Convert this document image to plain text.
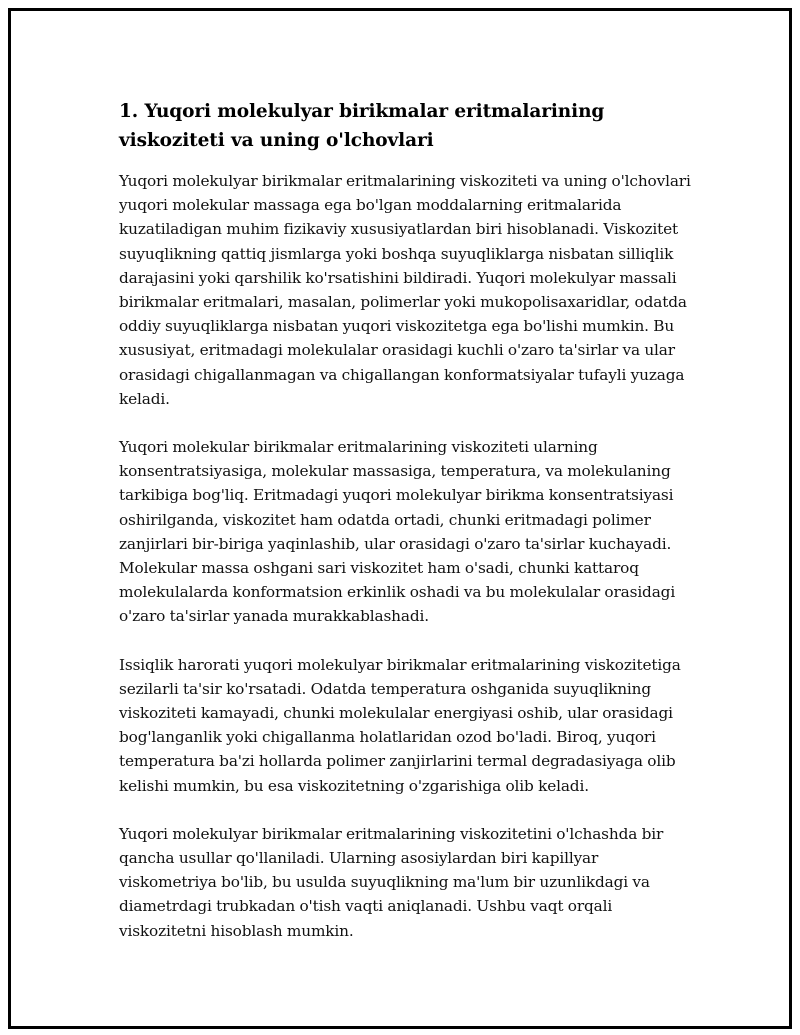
1. Yuqori molekulyar birikmalar eritmalarining viskoziteti va uning o'lchovlari

Yuqori molekulyar birikmalar eritmalarining viskoziteti va uning o'lchovlari yuqori molekular massaga ega bo'lgan moddalarning eritmalarida kuzatiladigan muhim fizikaviy xususiyatlardan biri hisoblanadi. Viskozitet suyuqlikning qattiq jismlarga yoki boshqa suyuqliklarga nisbatan silliqlik darajasini yoki qarshilik ko'rsatishini bildiradi. Yuqori molekulyar massali birikmalar eritmalari, masalan, polimerlar yoki mukopolisaxaridlar, odatda oddiy suyuqliklarga nisbatan yuqori viskozitetga ega bo'lishi mumkin. Bu xususiyat, eritmadagi molekulalar orasidagi kuchli o'zaro ta'sirlar va ular orasidagi chigallanmagan va chigallangan konformatsiyalar tufayli yuzaga keladi.

Yuqori molekular birikmalar eritmalarining viskoziteti ularning konsentratsiyasiga, molekular massasiga, temperatura, va molekulaning tarkibiga bog'liq. Eritmadagi yuqori molekulyar birikma konsentratsiyasi oshirilganda, viskozitet ham odatda ortadi, chunki eritmadagi polimer zanjirlari bir-biriga yaqinlashib, ular orasidagi o'zaro ta'sirlar kuchayadi. Molekular massa oshgani sari viskozitet ham o'sadi, chunki kattaroq molekulalarda konformatsion erkinlik oshadi va bu molekulalar orasidagi o'zaro ta'sirlar yanada murakkablashadi.

Issiqlik harorati yuqori molekulyar birikmalar eritmalarining viskozitetiga sezilarli ta'sir ko'rsatadi. Odatda temperatura oshganida suyuqlikning viskoziteti kamayadi, chunki molekulalar energiyasi oshib, ular orasidagi bog'langanlik yoki chigallanma holatlaridan ozod bo'ladi. Biroq, yuqori temperatura ba'zi hollarda polimer zanjirlarini termal degradasiyaga olib kelishi mumkin, bu esa viskozitetning o'zgarishiga olib keladi.

Yuqori molekulyar birikmalar eritmalarining viskozitetini o'lchashda bir qancha usullar qo'llaniladi. Ularning asosiylardan biri kapillyar viskometriya bo'lib, bu usulda suyuqlikning ma'lum bir uzunlikdagi va diametrdagi trubkadan o'tish vaqti aniqlanadi. Ushbu vaqt orqali viskozitetni hisoblash mumkin.
